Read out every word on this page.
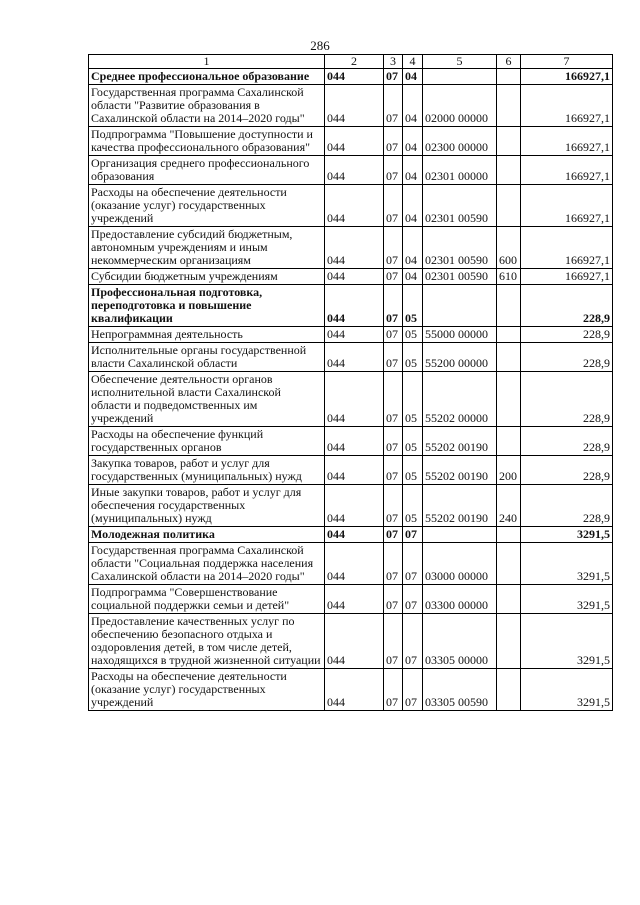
286
1	2	3	4	5	6	7
Среднее профессиональное образование	044	07	04			166927,1
Государственная программа Сахалинской области "Развитие образования в Сахалинской области на 2014–2020 годы"	044	07	04	02000 00000		166927,1
Подпрограмма "Повышение доступности и качества профессионального образования"	044	07	04	02300 00000		166927,1
Организация среднего профессионального образования	044	07	04	02301 00000		166927,1
Расходы на обеспечение деятельности (оказание услуг) государственных учреждений	044	07	04	02301 00590		166927,1
Предоставление субсидий бюджетным, автономным учреждениям и иным некоммерческим организациям	044	07	04	02301 00590	600	166927,1
Субсидии бюджетным учреждениям	044	07	04	02301 00590	610	166927,1
Профессиональная подготовка, переподготовка и повышение квалификации	044	07	05			228,9
Непрограммная деятельность	044	07	05	55000 00000		228,9
Исполнительные органы государственной власти Сахалинской области	044	07	05	55200 00000		228,9
Обеспечение деятельности органов исполнительной власти Сахалинской области и подведомственных им учреждений	044	07	05	55202 00000		228,9
Расходы на обеспечение функций государственных органов	044	07	05	55202 00190		228,9
Закупка товаров, работ и услуг для государственных (муниципальных) нужд	044	07	05	55202 00190	200	228,9
Иные закупки товаров, работ и услуг для обеспечения государственных (муниципальных) нужд	044	07	05	55202 00190	240	228,9
Молодежная политика	044	07	07			3291,5
Государственная программа Сахалинской области "Социальная поддержка населения Сахалинской области на 2014–2020 годы"	044	07	07	03000 00000		3291,5
Подпрограмма "Совершенствование социальной поддержки семьи и детей"	044	07	07	03300 00000		3291,5
Предоставление качественных услуг по обеспечению безопасного отдыха и оздоровления детей, в том числе детей, находящихся в трудной жизненной ситуации	044	07	07	03305 00000		3291,5
Расходы на обеспечение деятельности (оказание услуг) государственных учреждений	044	07	07	03305 00590		3291,5
